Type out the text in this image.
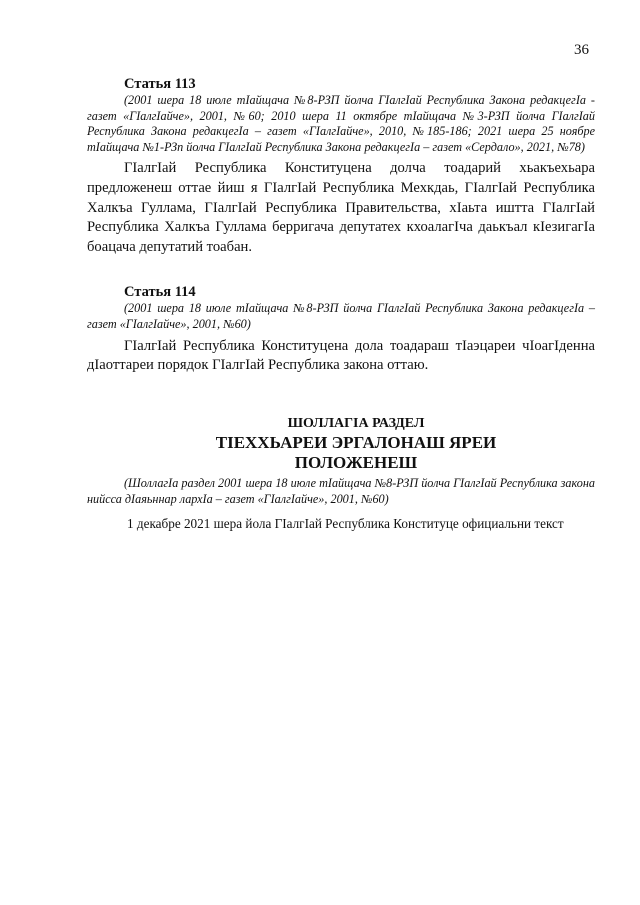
36
Статья 113

(2001 шера 18 июле тIайщача №8-РЗП йолча ГIалгIай Республика Закона редакцегIа - газет «ГIалгIайче», 2001, №60; 2010 шера 11 октябре тIайщача №3-РЗП йолча ГIалгIай Республика Закона редакцегIа – газет «ГIалгIайче», 2010, №185-186; 2021 шера 25 ноябре тIайщача №1-РЗп йолча ГIалгIай Республика Закона редакцегIа – газет «Сердало», 2021, №78)

ГIалгIай Республика Конституцена долча тоадарий хьакъехьара предложенеш оттае йиш я ГIалгIай Республика Мехкдаь, ГIалгIай Республика Халкъа Гуллама, ГIалгIай Республика Правительства, хIаьта иштта ГIалгIай Республика Халкъа Гуллама берригача депутатех кхоалагIча даькъал кIезигагIа боацача депутатий тоабан.

Статья 114

(2001 шера 18 июле тIайщача №8-РЗП йолча ГIалгIай Республика Закона редакцегIа – газет «ГIалгIайче», 2001, №60)

ГIалгIай Республика Конституцена дола тоадараш тIаэцареи чIоагIденна дIаоттареи порядок ГIалгIай Республика закона оттаю.

ШОЛЛАГIА РАЗДЕЛ
ТIЕХХЬАРЕИ ЭРГАЛОНАШ ЯРЕИ
ПОЛОЖЕНЕШ
(ШоллагIа раздел 2001 шера 18 июле тIайщача №8-РЗП йолча ГIалгIай Республика закона нийсса дIаяьннар лархIа – газет «ГIалгIайче», 2001, №60)
1 декабре 2021 шера йола ГIалгIай Республика Конституце официальни текст
